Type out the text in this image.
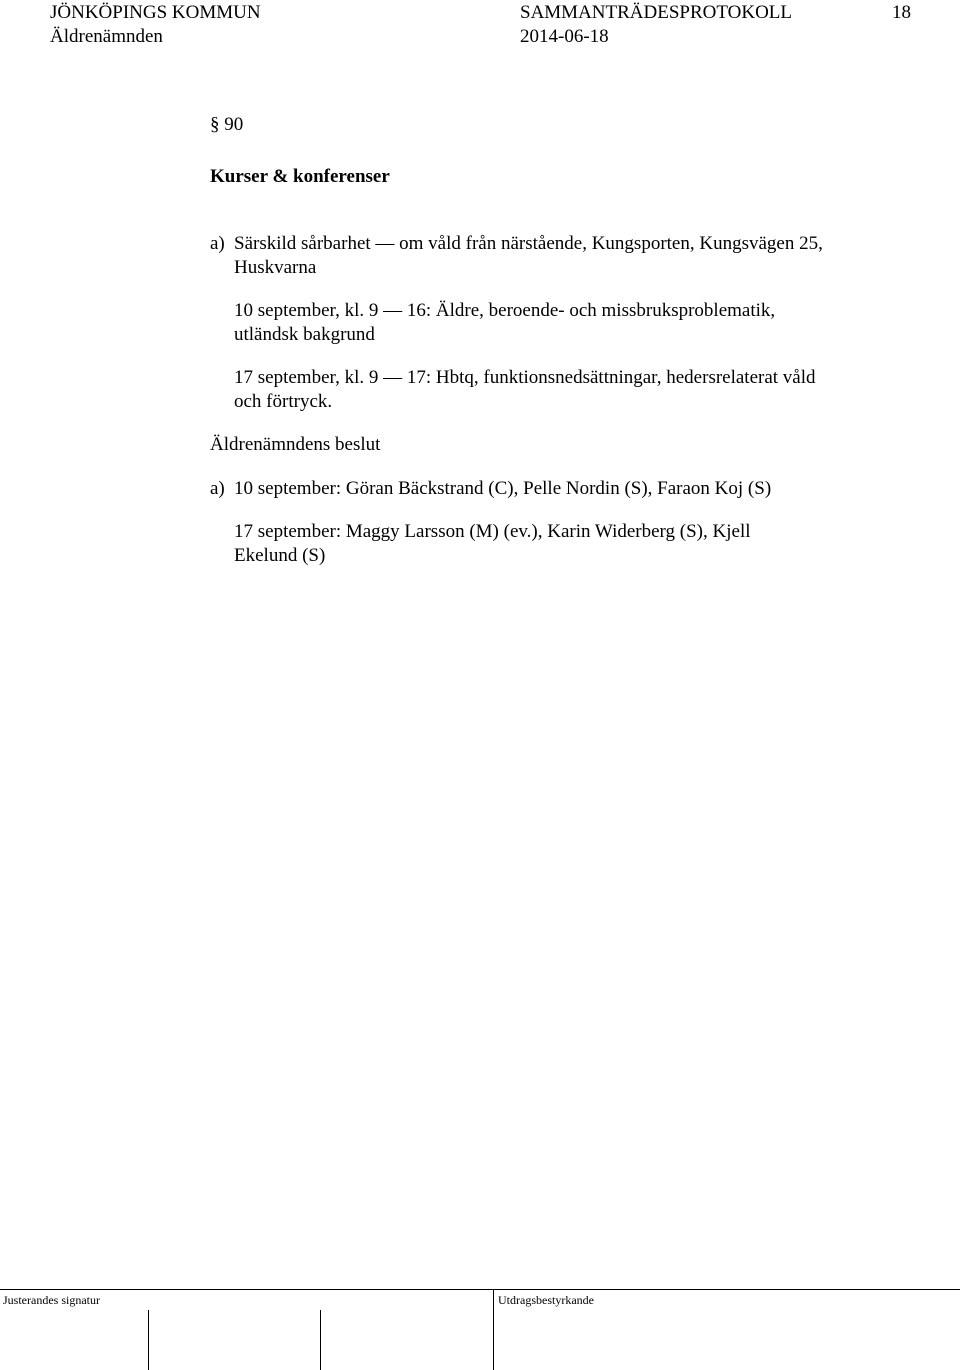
JÖNKÖPINGS KOMMUN	SAMMANTRÄDESPROTOKOLL	18
Äldrenämnden	2014-06-18
§ 90
Kurser & konferenser
a) Särskild sårbarhet — om våld från närstående, Kungsporten, Kungsvägen 25,
Huskvarna
10 september, kl. 9 — 16: Äldre, beroende- och missbruksproblematik,
utländsk bakgrund
17 september, kl. 9 — 17: Hbtq, funktionsnedsättningar, hedersrelaterat våld
och förtryck.
Äldrenämndens beslut
a) 10 september: Göran Bäckstrand (C), Pelle Nordin (S), Faraon Koj (S)
17 september: Maggy Larsson (M) (ev.), Karin Widerberg (S), Kjell
Ekelund (S)
Justerandes signatur	Utdragsbestyrkande
